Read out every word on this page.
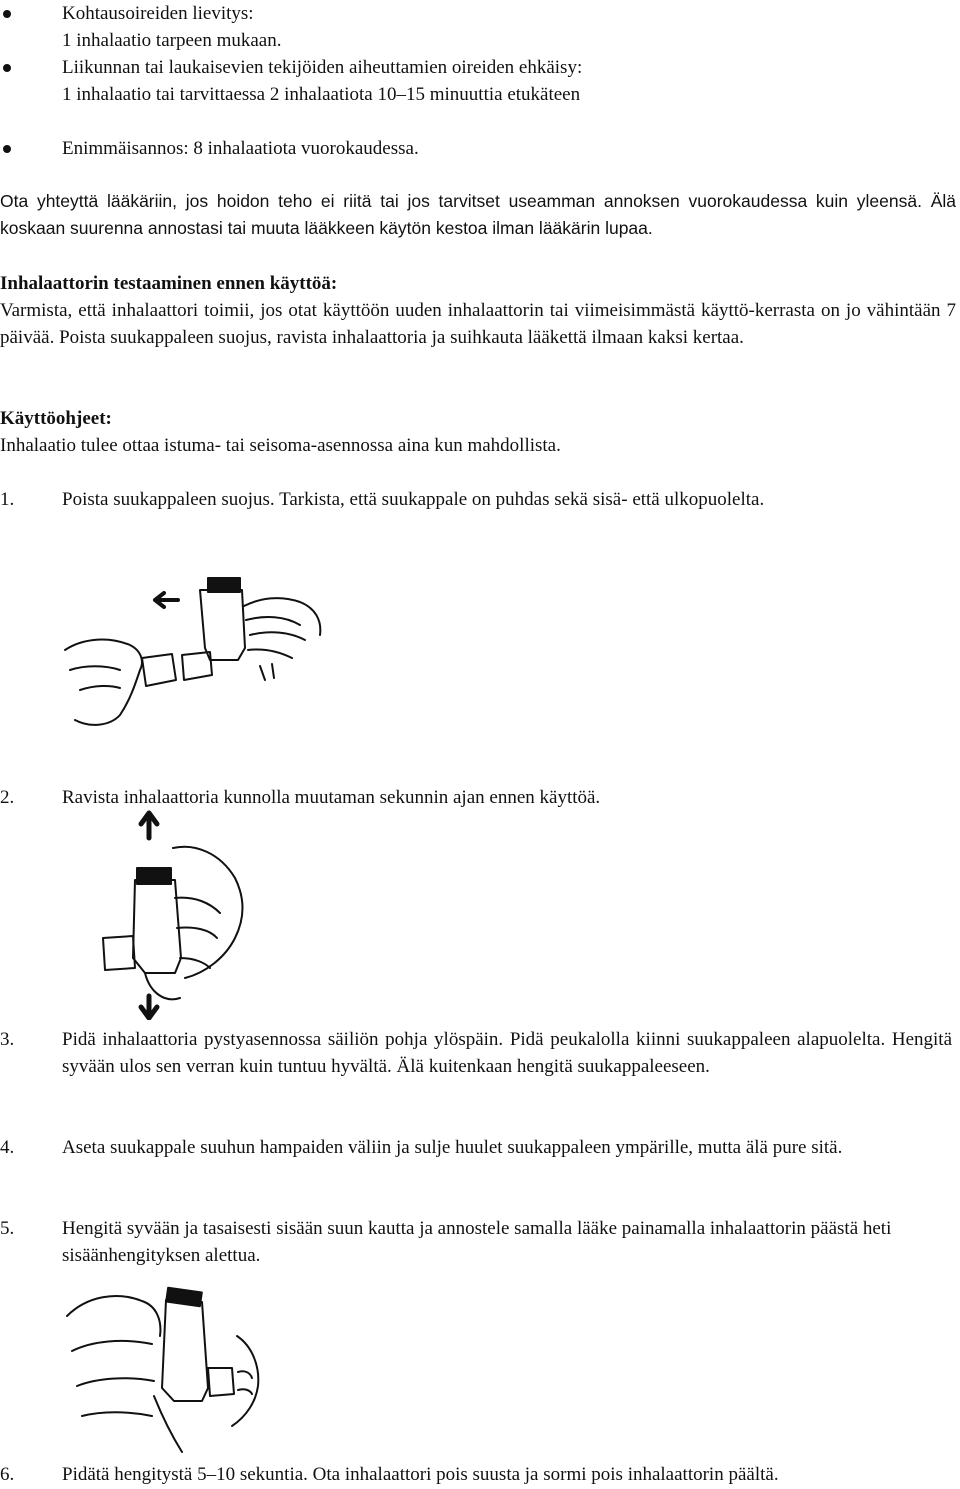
Kohtausoireiden lievitys:
1 inhalaatio tarpeen mukaan.
Liikunnan tai laukaisevien tekijöiden aiheuttamien oireiden ehkäisy:
1 inhalaatio tai tarvittaessa 2 inhalaatiota 10–15 minuuttia etukäteen
Enimmäisannos: 8 inhalaatiota vuorokaudessa.
Ota yhteyttä lääkäriin, jos hoidon teho ei riitä tai jos tarvitset useamman annoksen vuorokaudessa kuin yleensä. Älä koskaan suurenna annostasi tai muuta lääkkeen käytön kestoa ilman lääkärin lupaa.
Inhalaattorin testaaminen ennen käyttöä:
Varmista, että inhalaattori toimii, jos otat käyttöön uuden inhalaattorin tai viimeisimmästä käyttö-kerrasta on jo vähintään 7 päivää. Poista suukappaleen suojus, ravista inhalaattoria ja suihkauta lääkettä ilmaan kaksi kertaa.
Käyttöohjeet:
Inhalaatio tulee ottaa istuma- tai seisoma-asennossa aina kun mahdollista.
1.	Poista suukappaleen suojus. Tarkista, että suukappale on puhdas sekä sisä- että ulkopuolelta.
2.	Ravista inhalaattoria kunnolla muutaman sekunnin ajan ennen käyttöä.
3.	Pidä inhalaattoria pystyasennossa säiliön pohja ylöspäin. Pidä peukalolla kiinni suukappaleen alapuolelta. Hengitä syvään ulos sen verran kuin tuntuu hyvältä. Älä kuitenkaan hengitä suukappaleeseen.
4.	Aseta suukappale suuhun hampaiden väliin ja sulje huulet suukappaleen ympärille, mutta älä pure sitä.
5.	Hengitä syvään ja tasaisesti sisään suun kautta ja annostele samalla lääke painamalla inhalaattorin päästä heti sisäänhengityksen alettua.
6.	Pidätä hengitystä 5–10 sekuntia. Ota inhalaattori pois suusta ja sormi pois inhalaattorin päältä.
